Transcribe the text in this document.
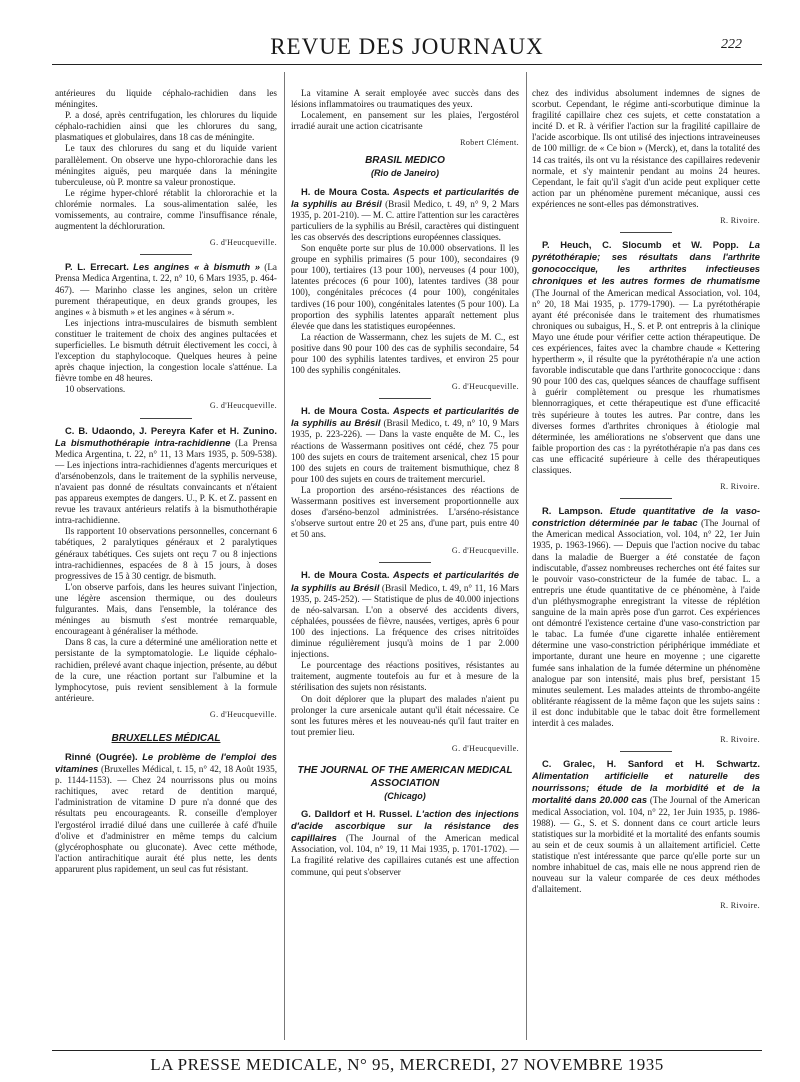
REVUE DES JOURNAUX	222

antérieures du liquide céphalo-rachidien dans les méningites.

P. a dosé, après centrifugation, les chlorures du liquide céphalo-rachidien ainsi que les chlorures du sang, plasmatiques et globulaires, dans 18 cas de méningite.

Le taux des chlorures du sang et du liquide varient parallèlement. On observe une hypo-chlororachie dans les méningites aiguës, peu marquée dans la méningite tuberculeuse, où P. montre sa valeur pronostique.

Le régime hyper-chloré rétablit la chlororachie et la chlorémie normales. La sous-alimentation salée, les vomissements, au contraire, comme l'insuffisance rénale, augmentent la déchloruration.

G. d'Heucqueville.

P. L. Errecart. Les angines « à bismuth » (La Prensa Medica Argentina, t. 22, n° 10, 6 Mars 1935, p. 464-467). — Marinho classe les angines, selon un critère purement thérapeutique, en deux grands groupes, les angines « à bismuth » et les angines « à sérum ».

Les injections intra-musculaires de bismuth semblent constituer le traitement de choix des angines pultacées et superficielles. Le bismuth détruit électivement les cocci, à l'exception du staphylocoque. Quelques heures à peine après chaque injection, la congestion locale s'atténue. La fièvre tombe en 48 heures.

10 observations.

G. d'Heucqueville.

C. B. Udaondo, J. Pereyra Kafer et H. Zunino. La bismuthothérapie intra-rachidienne (La Prensa Medica Argentina, t. 22, n° 11, 13 Mars 1935, p. 509-538). — Les injections intra-rachidiennes d'agents mercuriques et d'arsénobenzols, dans le traitement de la syphilis nerveuse, n'avaient pas donné de résultats convaincants et n'étaient pas appareus exemptes de dangers. U., P. K. et Z. passent en revue les travaux antérieurs relatifs à la bismuthothérapie intra-rachidienne.

Ils rapportent 10 observations personnelles, concernant 6 tabétiques, 2 paralytiques généraux et 2 paralytiques généraux tabétiques. Ces sujets ont reçu 7 ou 8 injections intra-rachidiennes, espacées de 8 à 15 jours, à doses progressives de 15 à 30 centigr. de bismuth.

L'on observe parfois, dans les heures suivant l'injection, une légère ascension thermique, ou des douleurs fulgurantes. Mais, dans l'ensemble, la tolérance des méninges au bismuth s'est montrée remarquable, encourageant à généraliser la méthode.

Dans 8 cas, la cure a déterminé une amélioration nette et persistante de la symptomatologie. Le liquide céphalo-rachidien, prélevé avant chaque injection, présente, au début de la cure, une réaction portant sur l'albumine et la lymphocytose, puis revient sensiblement à la formule antérieure.

G. d'Heucqueville.

BRUXELLES MÉDICAL

Rinné (Ougrée). Le problème de l'emploi des vitamines (Bruxelles Médical, t. 15, n° 42, 18 Août 1935, p. 1144-1153). — Chez 24 nourrissons plus ou moins rachitiques, avec retard de dentition marqué, l'administration de vitamine D pure n'a donné que des résultats peu encourageants. R. conseille d'employer l'ergostérol irradié dilué dans une cuillerée à café d'huile d'olive et d'administrer en même temps du calcium (glycérophosphate ou gluconate). Avec cette méthode, l'action antirachitique aurait été plus nette, les dents apparurent plus rapidement, un seul cas fut résistant.

La vitamine A serait employée avec succès dans des lésions inflammatoires ou traumatiques des yeux.

Localement, en pansement sur les plaies, l'ergostérol irradié aurait une action cicatrisante

Robert Clément.

BRASIL MEDICO

(Rio de Janeiro)

H. de Moura Costa. Aspects et particularités de la syphilis au Brésil (Brasil Medico, t. 49, n° 9, 2 Mars 1935, p. 201-210). — M. C. attire l'attention sur les caractères particuliers de la syphilis au Brésil, caractères qui distinguent les cas observés des descriptions européennes classiques.

Son enquête porte sur plus de 10.000 observations. Il les groupe en syphilis primaires (5 pour 100), secondaires (9 pour 100), tertiaires (13 pour 100), nerveuses (4 pour 100), latentes précoces (6 pour 100), latentes tardives (38 pour 100), congénitales précoces (4 pour 100), congénitales tardives (16 pour 100), congénitales latentes (5 pour 100). La proportion des syphilis latentes apparaît nettement plus élevée que dans les statistiques européennes.

La réaction de Wassermann, chez les sujets de M. C., est positive dans 90 pour 100 des cas de syphilis secondaire, 54 pour 100 des syphilis latentes tardives, et environ 25 pour 100 des syphilis congénitales.

G. d'Heucqueville.

H. de Moura Costa. Aspects et particularités de la syphilis au Brésil (Brasil Medico, t. 49, n° 10, 9 Mars 1935, p. 223-226). — Dans la vaste enquête de M. C., les réactions de Wassermann positives ont cédé, chez 75 pour 100 des sujets en cours de traitement arsenical, chez 15 pour 100 des sujets en cours de traitement bismuthique, chez 8 pour 100 des sujets en cours de traitement mercuriel.

La proportion des arséno-résistances des réactions de Wassermann positives est inversement proportionnelle aux doses d'arséno-benzol administrées. L'arséno-résistance s'observe surtout entre 20 et 25 ans, d'une part, puis entre 40 et 50 ans.

G. d'Heucqueville.

H. de Moura Costa. Aspects et particularités de la syphilis au Brésil (Brasil Medico, t. 49, n° 11, 16 Mars 1935, p. 245-252). — Statistique de plus de 40.000 injections de néo-salvarsan. L'on a observé des accidents divers, céphalées, poussées de fièvre, nausées, vertiges, après 6 pour 100 des injections. La fréquence des crises nitritoïdes diminue régulièrement jusqu'à moins de 1 par 2.000 injections.

Le pourcentage des réactions positives, résistantes au traitement, augmente toutefois au fur et à mesure de la stérilisation des sujets non résistants.

On doit déplorer que la plupart des malades n'aient pu prolonger la cure arsenicale autant qu'il était nécessaire. Ce sont les futures mères et les nouveau-nés qu'il faut traiter en tout premier lieu.

G. d'Heucqueville.

THE JOURNAL OF THE AMERICAN MEDICAL ASSOCIATION

(Chicago)

G. Dalldorf et H. Russel. L'action des injections d'acide ascorbique sur la résistance des capillaires (The Journal of the American medical Association, vol. 104, n° 19, 11 Mai 1935, p. 1701-1702). — La fragilité relative des capillaires cutanés est une affection commune, qui peut s'observer

chez des individus absolument indemnes de signes de scorbut. Cependant, le régime anti-scorbutique diminue la fragilité capillaire chez ces sujets, et cette constatation a incité D. et R. à vérifier l'action sur la fragilité capillaire de l'acide ascorbique. Ils ont utilisé des injections intraveineuses de 100 milligr. de « Ce bion » (Merck), et, dans la totalité des 14 cas traités, ils ont vu la résistance des capillaires redevenir normale, et s'y maintenir pendant au moins 24 heures. Cependant, le fait qu'il s'agit d'un acide peut expliquer cette action par un phénomène purement mécanique, aussi ces expériences ne sont-elles pas démonstratives.

R. Rivoire.

P. Heuch, C. Slocumb et W. Popp. La pyrétothérapie; ses résultats dans l'arthrite gonococcique, les arthrites infectieuses chroniques et les autres formes de rhumatisme (The Journal of the American medical Association, vol. 104, n° 20, 18 Mai 1935, p. 1779-1790). — La pyrétothérapie ayant été préconisée dans le traitement des rhumatismes chroniques ou subaigus, H., S. et P. ont entrepris à la clinique Mayo une étude pour vérifier cette action thérapeutique. De ces expériences, faites avec la chambre chaude « Kettering hypertherm », il résulte que la pyrétothérapie n'a une action favorable indiscutable que dans l'arthrite gonococcique : dans 90 pour 100 des cas, quelques séances de chauffage suffisent à guérir complètement ou presque les rhumatismes blennorragiques, et cette thérapeutique est d'une efficacité très supérieure à toutes les autres. Par contre, dans les diverses formes d'arthrites chroniques à étiologie mal déterminée, les améliorations ne s'observent que dans une faible proportion des cas : la pyrétothérapie n'a pas dans ces cas une efficacité supérieure à celle des thérapeutiques classiques.

R. Rivoire.

R. Lampson. Etude quantitative de la vaso-constriction déterminée par le tabac (The Journal of the American medical Association, vol. 104, n° 22, 1er Juin 1935, p. 1963-1966). — Depuis que l'action nocive du tabac dans la maladie de Buerger a été constatée de façon indiscutable, d'assez nombreuses recherches ont été faites sur le pouvoir vaso-constricteur de la fumée de tabac. L. a entrepris une étude quantitative de ce phénomène, à l'aide d'un pléthysmographe enregistrant la vitesse de réplétion sanguine de la main après pose d'un garrot. Ces expériences ont démontré l'existence certaine d'une vaso-constriction par le tabac. La fumée d'une cigarette inhalée entièrement détermine une vaso-constriction périphérique immédiate et importante, durant une heure en moyenne ; une cigarette fumée sans inhalation de la fumée détermine un phénomène analogue par son intensité, mais plus bref, persistant 15 minutes seulement. Les malades atteints de thrombo-angéite oblitérante réagissent de la même façon que les sujets sains : il est donc indubitable que le tabac doit être formellement interdit à ces malades.

R. Rivoire.

C. Gralec, H. Sanford et H. Schwartz. Alimentation artificielle et naturelle des nourrissons; étude de la morbidité et de la mortalité dans 20.000 cas (The Journal of the American medical Association, vol. 104, n° 22, 1er Juin 1935, p. 1986-1988). — G., S. et S. donnent dans ce court article leurs statistiques sur la morbidité et la mortalité des enfants soumis au sein et de ceux soumis à un allaitement artificiel. Cette statistique n'est intéressante que parce qu'elle porte sur un nombre inhabituel de cas, mais elle ne nous apprend rien de nouveau sur la valeur comparée de ces deux méthodes d'allaitement.

R. Rivoire.

LA PRESSE MEDICALE, N° 95, MERCREDI, 27 NOVEMBRE 1935
